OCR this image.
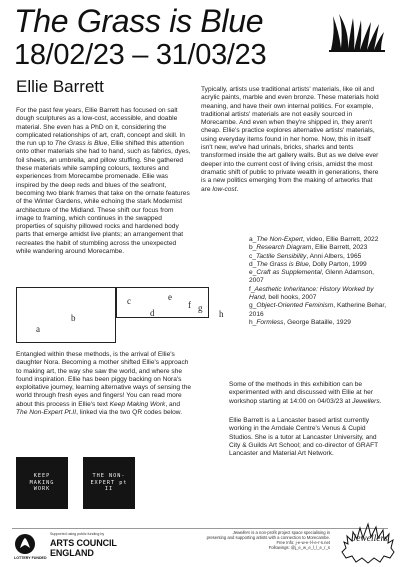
The Grass is Blue
18/02/23 – 31/03/23
Ellie Barrett

For the past few years, Ellie Barrett has focused on salt dough sculptures as a low-cost, accessible, and doable material. She even has a PhD on it, considering the complicated relationships of art, craft, concept and skill. In the run up to The Grass is Blue, Ellie shifted this attention onto other materials she had to hand, such as fabrics, dyes, foil sheets, an umbrella, and pillow stuffing. She gathered these materials while sampling colours, textures and experiences from Morecambe promenade. Ellie was inspired by the deep reds and blues of the seafront, becoming two blank frames that take on the ornate features of the Winter Gardens, while echoing the stark Modernist architecture of the Midland. These shift our focus from image to framing, which continues in the swapped properties of squishy pillowed rocks and hardened body parts that emerge amidst live plants; an arrangement that recreates the habit of stumbling across the unexpected while wandering around Morecambe.

Typically, artists use traditional artists' materials, like oil and acrylic paints, marble and even bronze. These materials hold meaning, and have their own internal politics. For example, traditional artists' materials are not easily sourced in Morecambe. And even when they're shipped in, they aren't cheap. Ellie's practice explores alternative artists' materials, using everyday items found in her home. Now, this in itself isn't new, we've had urinals, bricks, sharks and tents transformed inside the art gallery walls. But as we delve ever deeper into the current cost of living crisis, amidst the most dramatic shift of public to private wealth in generations, there is a new politics emerging from the making of artworks that are low-cost.

a_The Non-Expert, video, Ellie Barrett, 2022
b_Research Diagram, Ellie Barrett, 2023
c_Tactile Sensibility, Anni Albers, 1965
d_The Grass is Blue, Dolly Parton, 1999
e_Craft as Supplemental, Glenn Adamson, 2007
f_Aesthetic Inheritance: History Worked by Hand, bell hooks, 2007
g_Object-Oriented Feminism, Katherine Behar, 2016
h_Formless, George Bataille, 1929
a
b
c
d
e
f g
h

Entangled within these methods, is the arrival of Ellie's daughter Nora. Becoming a mother shifted Ellie's approach to making art, the way she saw the world, and where she found inspiration. Ellie has been piggy backing on Nora's exploitative journey, learning alternative ways of sensing the world through fresh eyes and fingers! You can read more about this process in Ellie's text Keep Making Work, and The Non-Expert Pt.II, linked via the two QR codes below.

Some of the methods in this exhibition can be experimented with and discussed with Ellie at her workshop starting at 14:00 on 04/03/23 at Jewellers.

Ellie Barrett is a Lancaster based artist currently working in the Arndale Centre's Venus & Cupid Studios. She is a tutor at Lancaster University, and City & Guilds Art School; and co-director of GRAFT Lancaster and Material Art Network.

KEEP MAKING WORK
THE NON-EXPERT pt II
LOTTERY FUNDED
Supported using public funding by
ARTS COUNCIL
ENGLAND
Jewellers is a non-profit project space specialising in
presenting and supporting artists with a connection to Morecambe.
Free Info: j-e-w-e-l-l-e-r-s.net
Followings: @j_e_w_e_l_l_e_r_s
Jewellers
